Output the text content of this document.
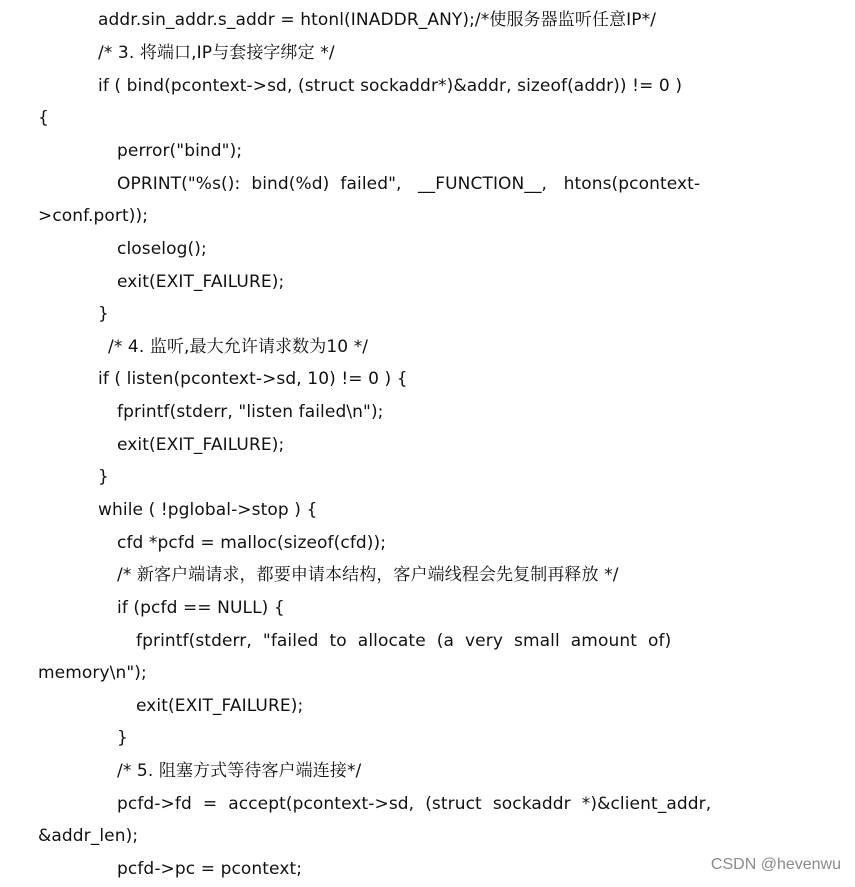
addr.sin_addr.s_addr = htonl(INADDR_ANY);/*使服务器监听任意IP*/
/* 3. 将端口,IP与套接字绑定 */
if ( bind(pcontext->sd, (struct sockaddr*)&addr, sizeof(addr)) != 0 )
{
perror("bind");
OPRINT("%s():  bind(%d)  failed",   __FUNCTION__,   htons(pcontext-
>conf.port));
closelog();
exit(EXIT_FAILURE);
}
/* 4. 监听,最大允许请求数为10 */
if ( listen(pcontext->sd, 10) != 0 ) {
fprintf(stderr, "listen failed\n");
exit(EXIT_FAILURE);
}
while ( !pglobal->stop ) {
cfd *pcfd = malloc(sizeof(cfd));
/* 新客户端请求，都要申请本结构，客户端线程会先复制再释放 */
if (pcfd == NULL) {
fprintf(stderr,  "failed  to  allocate  (a  very  small  amount  of)
memory\n");
exit(EXIT_FAILURE);
}
/* 5. 阻塞方式等待客户端连接*/
pcfd->fd  =  accept(pcontext->sd,  (struct  sockaddr  *)&client_addr,
&addr_len);
pcfd->pc = pcontext;	CSDN @hevenwu
